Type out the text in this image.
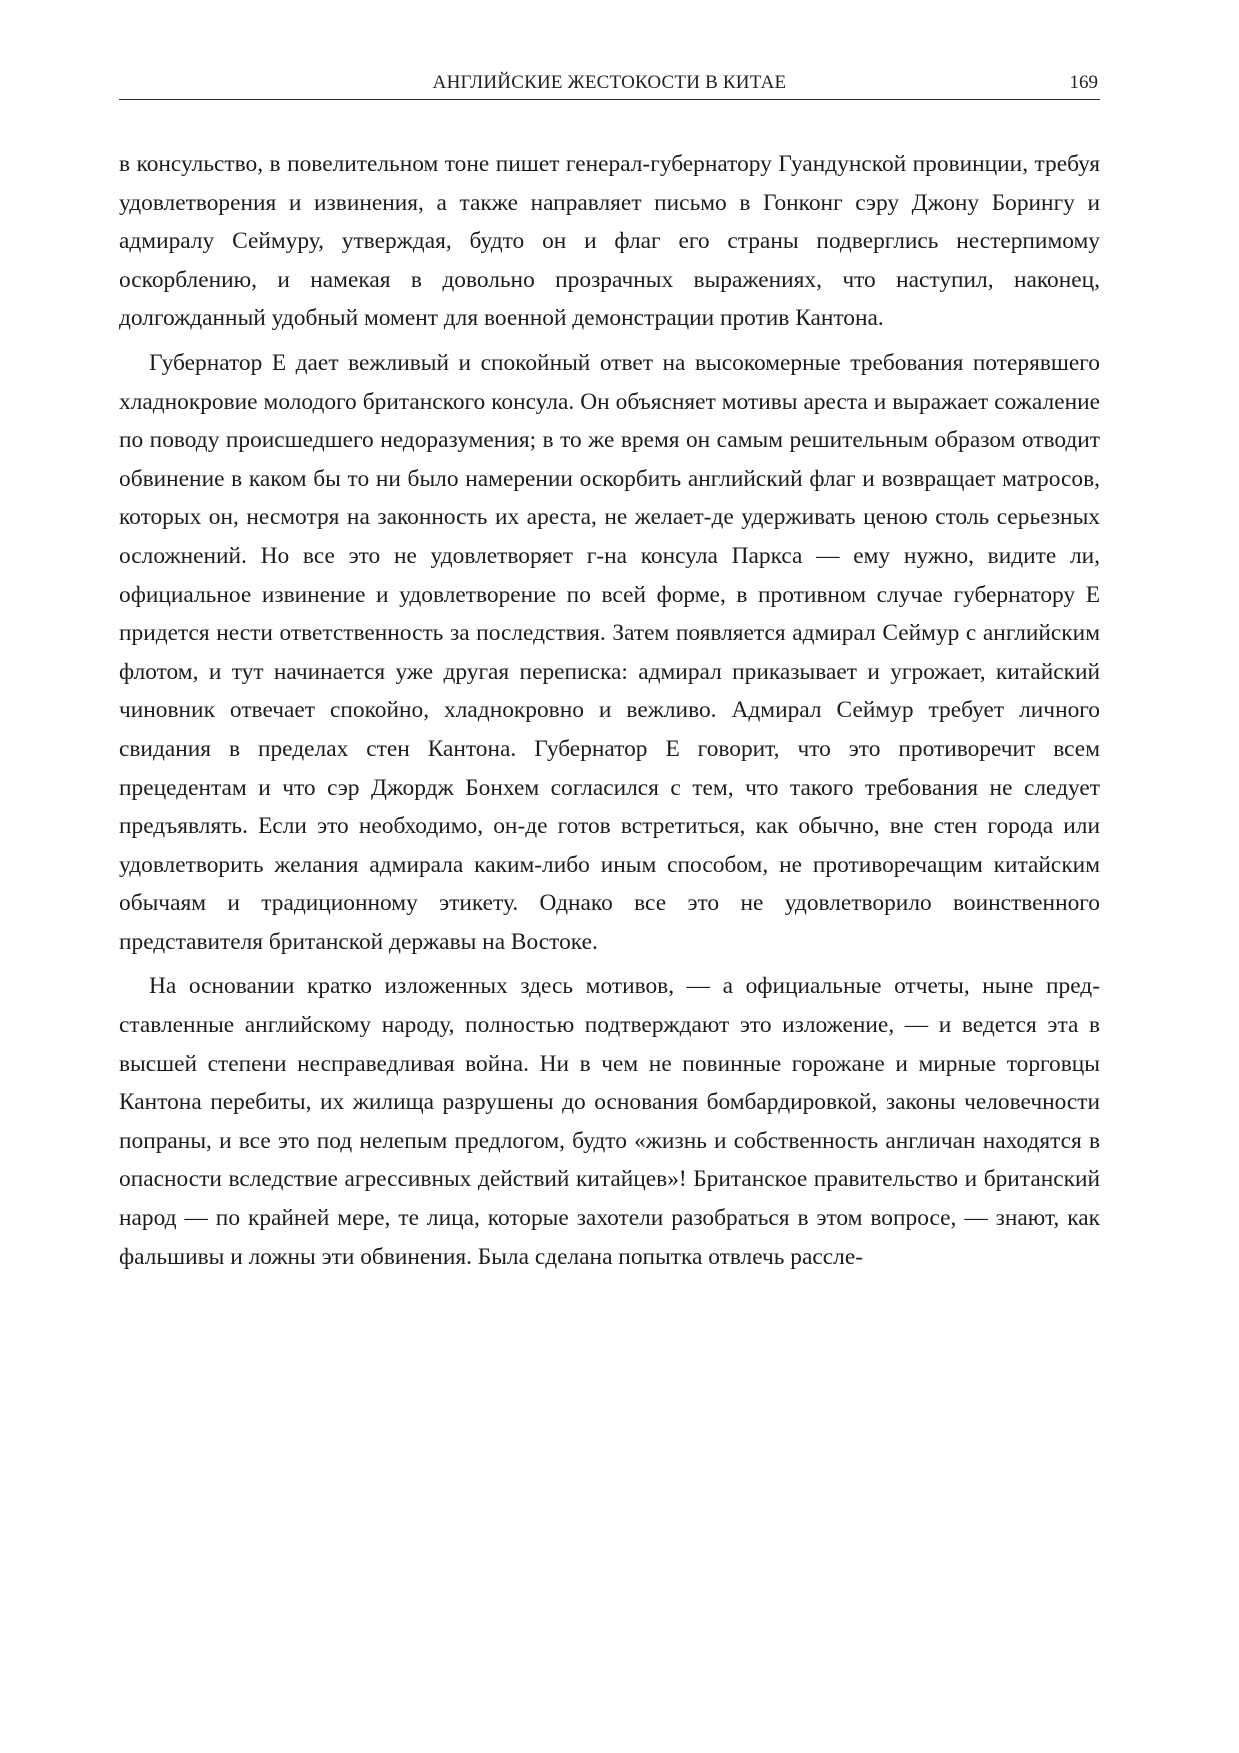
АНГЛИЙСКИЕ ЖЕСТОКОСТИ В КИТАЕ	169

в консульство, в повелительном тоне пишет генерал-губернатору Гуандунской провинции, требуя удовлетворения и извинения, а также направляет письмо в Гонконг сэру Джону Борингу и адмиралу Сеймуру, утверждая, будто он и флаг его страны подверглись нестерпимому оскорблению, и намекая в довольно прозрачных выражениях, что наступил, наконец, долгожданный удобный момент для военной демонстрации против Кантона.

Губернатор Е дает вежливый и спокойный ответ на высокомерные требования потерявшего хладнокровие молодого британского консула. Он объясняет мотивы ареста и выражает сожаление по поводу происшедшего недоразумения; в то же время он самым решительным образом отводит обвинение в каком бы то ни было намерении оскорбить английский флаг и возвращает матросов, которых он, несмотря на законность их ареста, не желает-де удерживать ценою столь серьезных осложнений. Но все это не удовлетворяет г-на консула Паркса — ему нужно, видите ли, официальное извинение и удовлетворение по всей форме, в противном случае губернатору Е придется нести ответственность за последствия. Затем появляется адмирал Сеймур с английским флотом, и тут начинается уже другая переписка: адмирал приказывает и угрожает, китайский чиновник отвечает спокойно, хладнокровно и вежливо. Адмирал Сеймур требует личного свидания в пределах стен Кантона. Губернатор Е говорит, что это противоречит всем прецедентам и что сэр Джордж Бонхем согласился с тем, что такого требования не следует предъявлять. Если это необходимо, он-де готов встретиться, как обычно, вне стен города или удовлетворить желания адмирала каким-либо иным способом, не противоречащим китайским обычаям и традиционному этикету. Однако все это не удовлетворило воинственного представителя британской державы на Востоке.

На основании кратко изложенных здесь мотивов, — а официальные отчеты, ныне представленные английскому народу, полностью подтверждают это изложение, — и ведется эта в высшей степени несправедливая война. Ни в чем не повинные горожане и мирные торговцы Кантона перебиты, их жилища разрушены до основания бомбардировкой, законы человечности попраны, и все это под нелепым предлогом, будто «жизнь и собственность англичан находятся в опасности вследствие агрессивных действий китайцев»! Британское правительство и британский народ — по крайней мере, те лица, которые захотели разобраться в этом вопросе, — знают, как фальшивы и ложны эти обвинения. Была сделана попытка отвлечь рассле-
